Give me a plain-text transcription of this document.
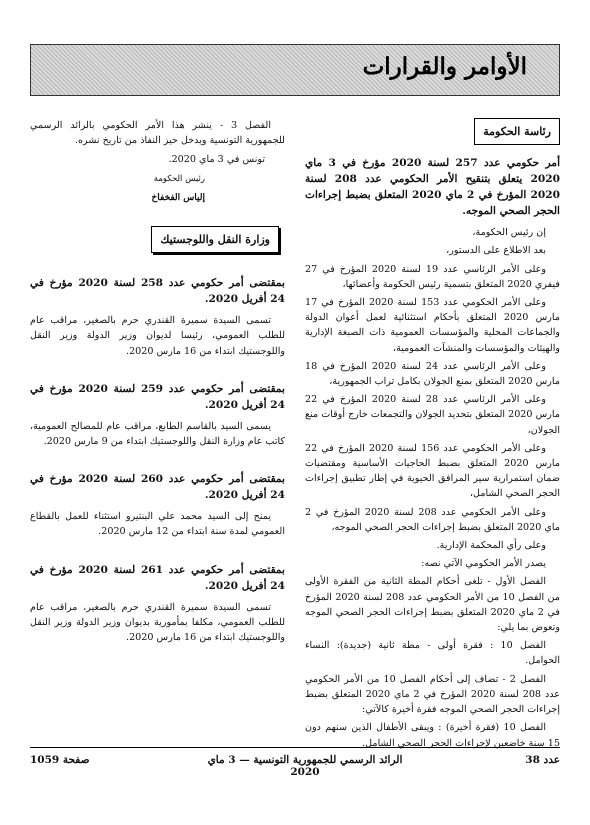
الأوامر والقرارات
رئاسة الحكومة
أمر حكومي عدد 257 لسنة 2020 مؤرخ في 3 ماي 2020 يتعلق بتنقيح الأمر الحكومي عدد 208 لسنة 2020 المؤرخ في 2 ماي 2020 المتعلق بضبط إجراءات الحجر الصحي الموجه.

إن رئيس الحكومة،

بعد الاطلاع على الدستور،

وعلى الأمر الرئاسي عدد 19 لسنة 2020 المؤرخ في 27 فيفري 2020 المتعلق بتسمية رئيس الحكومة وأعضائها،

وعلى الأمر الحكومي عدد 153 لسنة 2020 المؤرخ في 17 مارس 2020 المتعلق بأحكام استثنائية لعمل أعوان الدولة والجماعات المحلية والمؤسسات العمومية ذات الصبغة الإدارية والهيئات والمؤسسات والمنشآت العمومية،

وعلى الأمر الرئاسي عدد 24 لسنة 2020 المؤرخ في 18 مارس 2020 المتعلق بمنع الجولان بكامل تراب الجمهورية،

وعلى الأمر الرئاسي عدد 28 لسنة 2020 المؤرخ في 22 مارس 2020 المتعلق بتحديد الجولان والتجمعات خارج أوقات منع الجولان،

وعلى الأمر الحكومي عدد 156 لسنة 2020 المؤرخ في 22 مارس 2020 المتعلق بضبط الحاجيات الأساسية ومقتضيات ضمان استمرارية سير المرافق الحيوية في إطار تطبيق إجراءات الحجر الصحي الشامل،

وعلى الأمر الحكومي عدد 208 لسنة 2020 المؤرخ في 2 ماي 2020 المتعلق بضبط إجراءات الحجر الصحي الموجه،

وعلى رأي المحكمة الإدارية.

يصدر الأمر الحكومي الآتي نصه:

الفصل الأول - تلغى أحكام المطة الثانية من الفقرة الأولى من الفصل 10 من الأمر الحكومي عدد 208 لسنة 2020 المؤرخ في 2 ماي 2020 المتعلق بضبط إجراءات الحجر الصحي الموجه وتعوض بما يلي:

الفصل 10 : فقرة أولى - مطة ثانية (جديدة): النساء الحوامل.

الفصل 2 - تضاف إلى أحكام الفصل 10 من الأمر الحكومي عدد 208 لسنة 2020 المؤرخ في 2 ماي 2020 المتعلق بضبط إجراءات الحجر الصحي الموجه فقرة أخيرة كالآتي:

الفصل 10 (فقرة أخيرة) : ويبقى الأطفال الذين سنهم دون 15 سنة خاضعين لإجراءات الحجر الصحي الشامل.

الفصل 3 - ينشر هذا الأمر الحكومي بالرائد الرسمي للجمهورية التونسية ويدخل حيز النفاذ من تاريخ نشره.

تونس في 3 ماي 2020.

رئيس الحكومة

إلياس الفخفاخ

وزارة النقل واللوجستيك
بمقتضى أمر حكومي عدد 258 لسنة 2020 مؤرخ في 24 أفريل 2020.

تسمى السيدة سميرة القندري حرم بالصغير، مراقب عام للطلب العمومي، رئيسا لديوان وزير الدولة وزير النقل واللوجستيك ابتداء من 16 مارس 2020.

بمقتضى أمر حكومي عدد 259 لسنة 2020 مؤرخ في 24 أفريل 2020.

يسمى السيد بالقاسم الطابع، مراقب عام للمصالح العمومية، كاتب عام وزارة النقل واللوجستيك ابتداء من 9 مارس 2020.

بمقتضى أمر حكومي عدد 260 لسنة 2020 مؤرخ في 24 أفريل 2020.

يمنح إلى السيد محمد علي البنتيرو استثناء للعمل بالقطاع العمومي لمدة سنة ابتداء من 12 مارس 2020.

بمقتضى أمر حكومي عدد 261 لسنة 2020 مؤرخ في 24 أفريل 2020.

تسمى السيدة سميرة القندري حرم بالصغير، مراقب عام للطلب العمومي، مكلفا بمأمورية بديوان وزير الدولة وزير النقل واللوجستيك ابتداء من 16 مارس 2020.

عدد 38
الرائد الرسمي للجمهورية التونسية — 3 ماي 2020
صفحة 1059
